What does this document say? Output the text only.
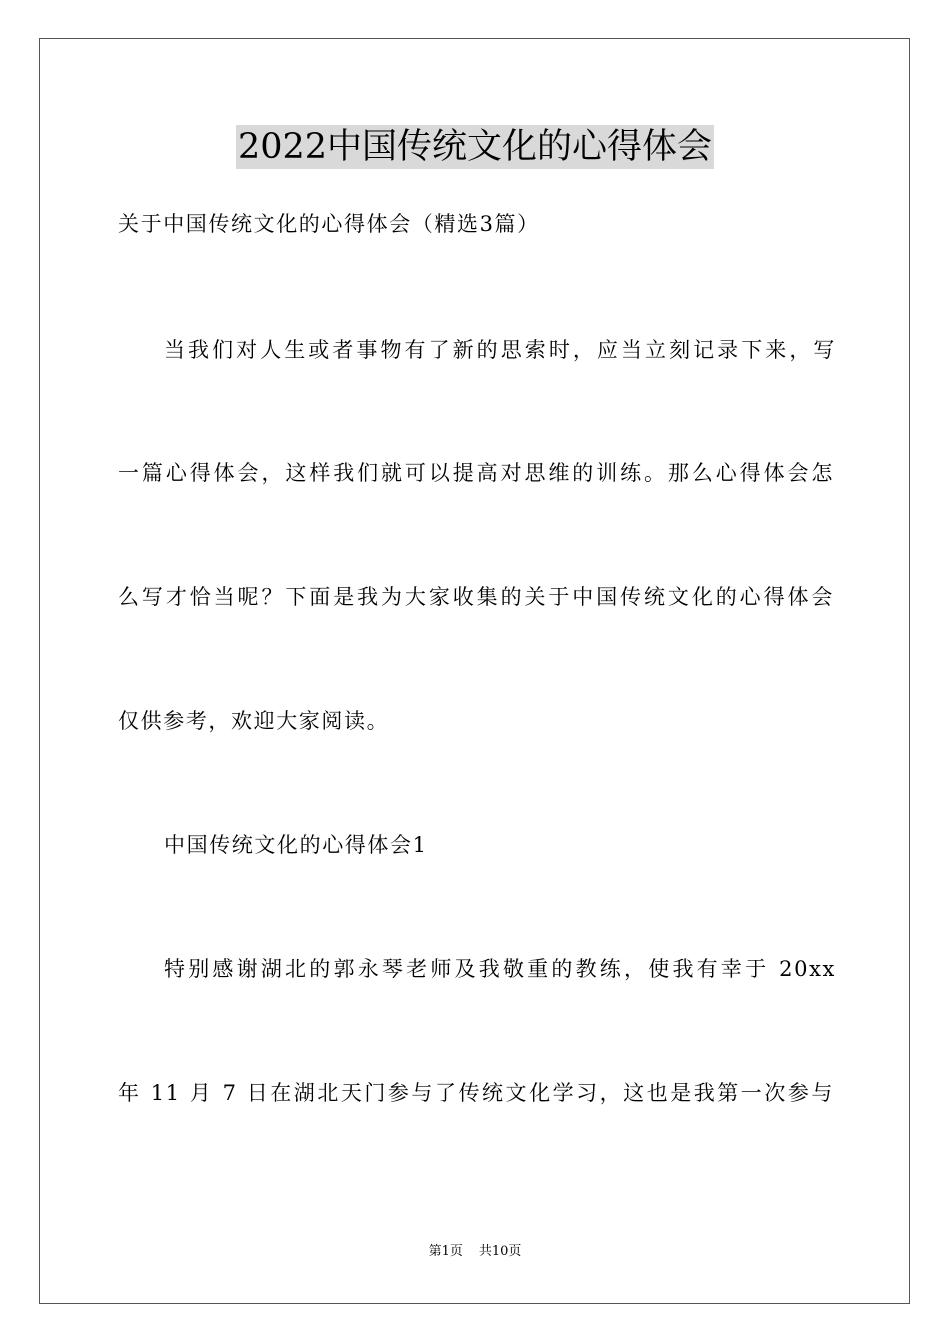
2022中国传统文化的心得体会
关于中国传统文化的心得体会（精选3篇）
当我们对人生或者事物有了新的思索时，应当立刻记录下来，写
一篇心得体会，这样我们就可以提高对思维的训练。那么心得体会怎
么写才恰当呢？下面是我为大家收集的关于中国传统文化的心得体会
仅供参考，欢迎大家阅读。
中国传统文化的心得体会1
特别感谢湖北的郭永琴老师及我敬重的教练，使我有幸于 20xx
年 11 月 7 日在湖北天门参与了传统文化学习，这也是我第一次参与
第1页 共10页
